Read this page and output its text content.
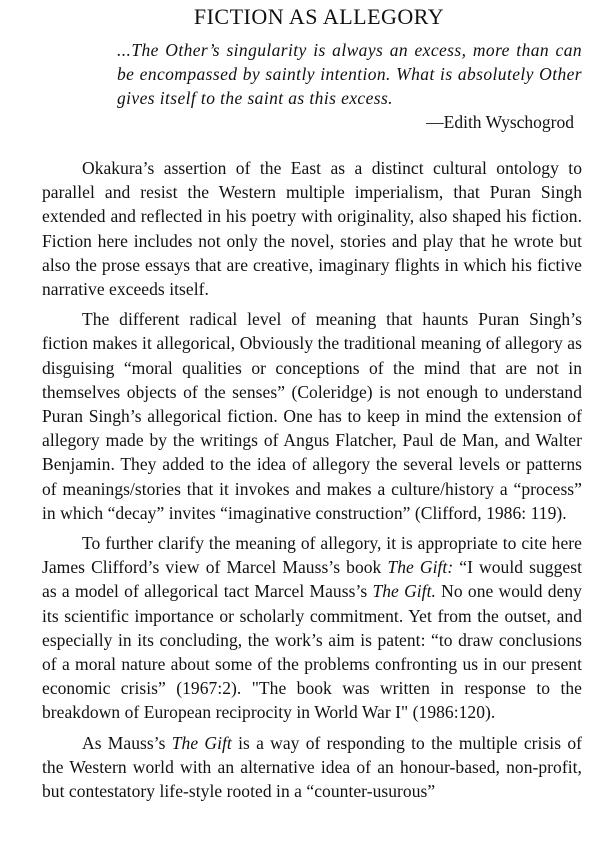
FICTION AS ALLEGORY
...The Other’s singularity is always an excess, more than can be encompassed by saintly intention. What is absolutely Other gives itself to the saint as this excess.
—Edith Wyschogrod

Okakura’s assertion of the East as a distinct cultural ontology to parallel and resist the Western multiple imperialism, that Puran Singh extended and reflected in his poetry with originality, also shaped his fiction. Fiction here includes not only the novel, stories and play that he wrote but also the prose essays that are creative, imaginary flights in which his fictive narrative exceeds itself.

The different radical level of meaning that haunts Puran Singh’s fiction makes it allegorical, Obviously the traditional meaning of allegory as disguising “moral qualities or conceptions of the mind that are not in themselves objects of the senses” (Coleridge) is not enough to understand Puran Singh’s allegorical fiction. One has to keep in mind the extension of allegory made by the writings of Angus Flatcher, Paul de Man, and Walter Benjamin. They added to the idea of allegory the several levels or patterns of meanings/stories that it invokes and makes a culture/history a “process” in which “decay” invites “imaginative construction” (Clifford, 1986: 119).

To further clarify the meaning of allegory, it is appropriate to cite here James Clifford’s view of Marcel Mauss’s book The Gift: “I would suggest as a model of allegorical tact Marcel Mauss’s The Gift. No one would deny its scientific importance or scholarly commitment. Yet from the outset, and especially in its concluding, the work’s aim is patent: “to draw conclusions of a moral nature about some of the problems confronting us in our present economic crisis” (1967:2). "The book was written in response to the breakdown of European reciprocity in World War I" (1986:120).

As Mauss’s The Gift is a way of responding to the multiple crisis of the Western world with an alternative idea of an honour-based, non-profit, but contestatory life-style rooted in a “counter-usurous”
